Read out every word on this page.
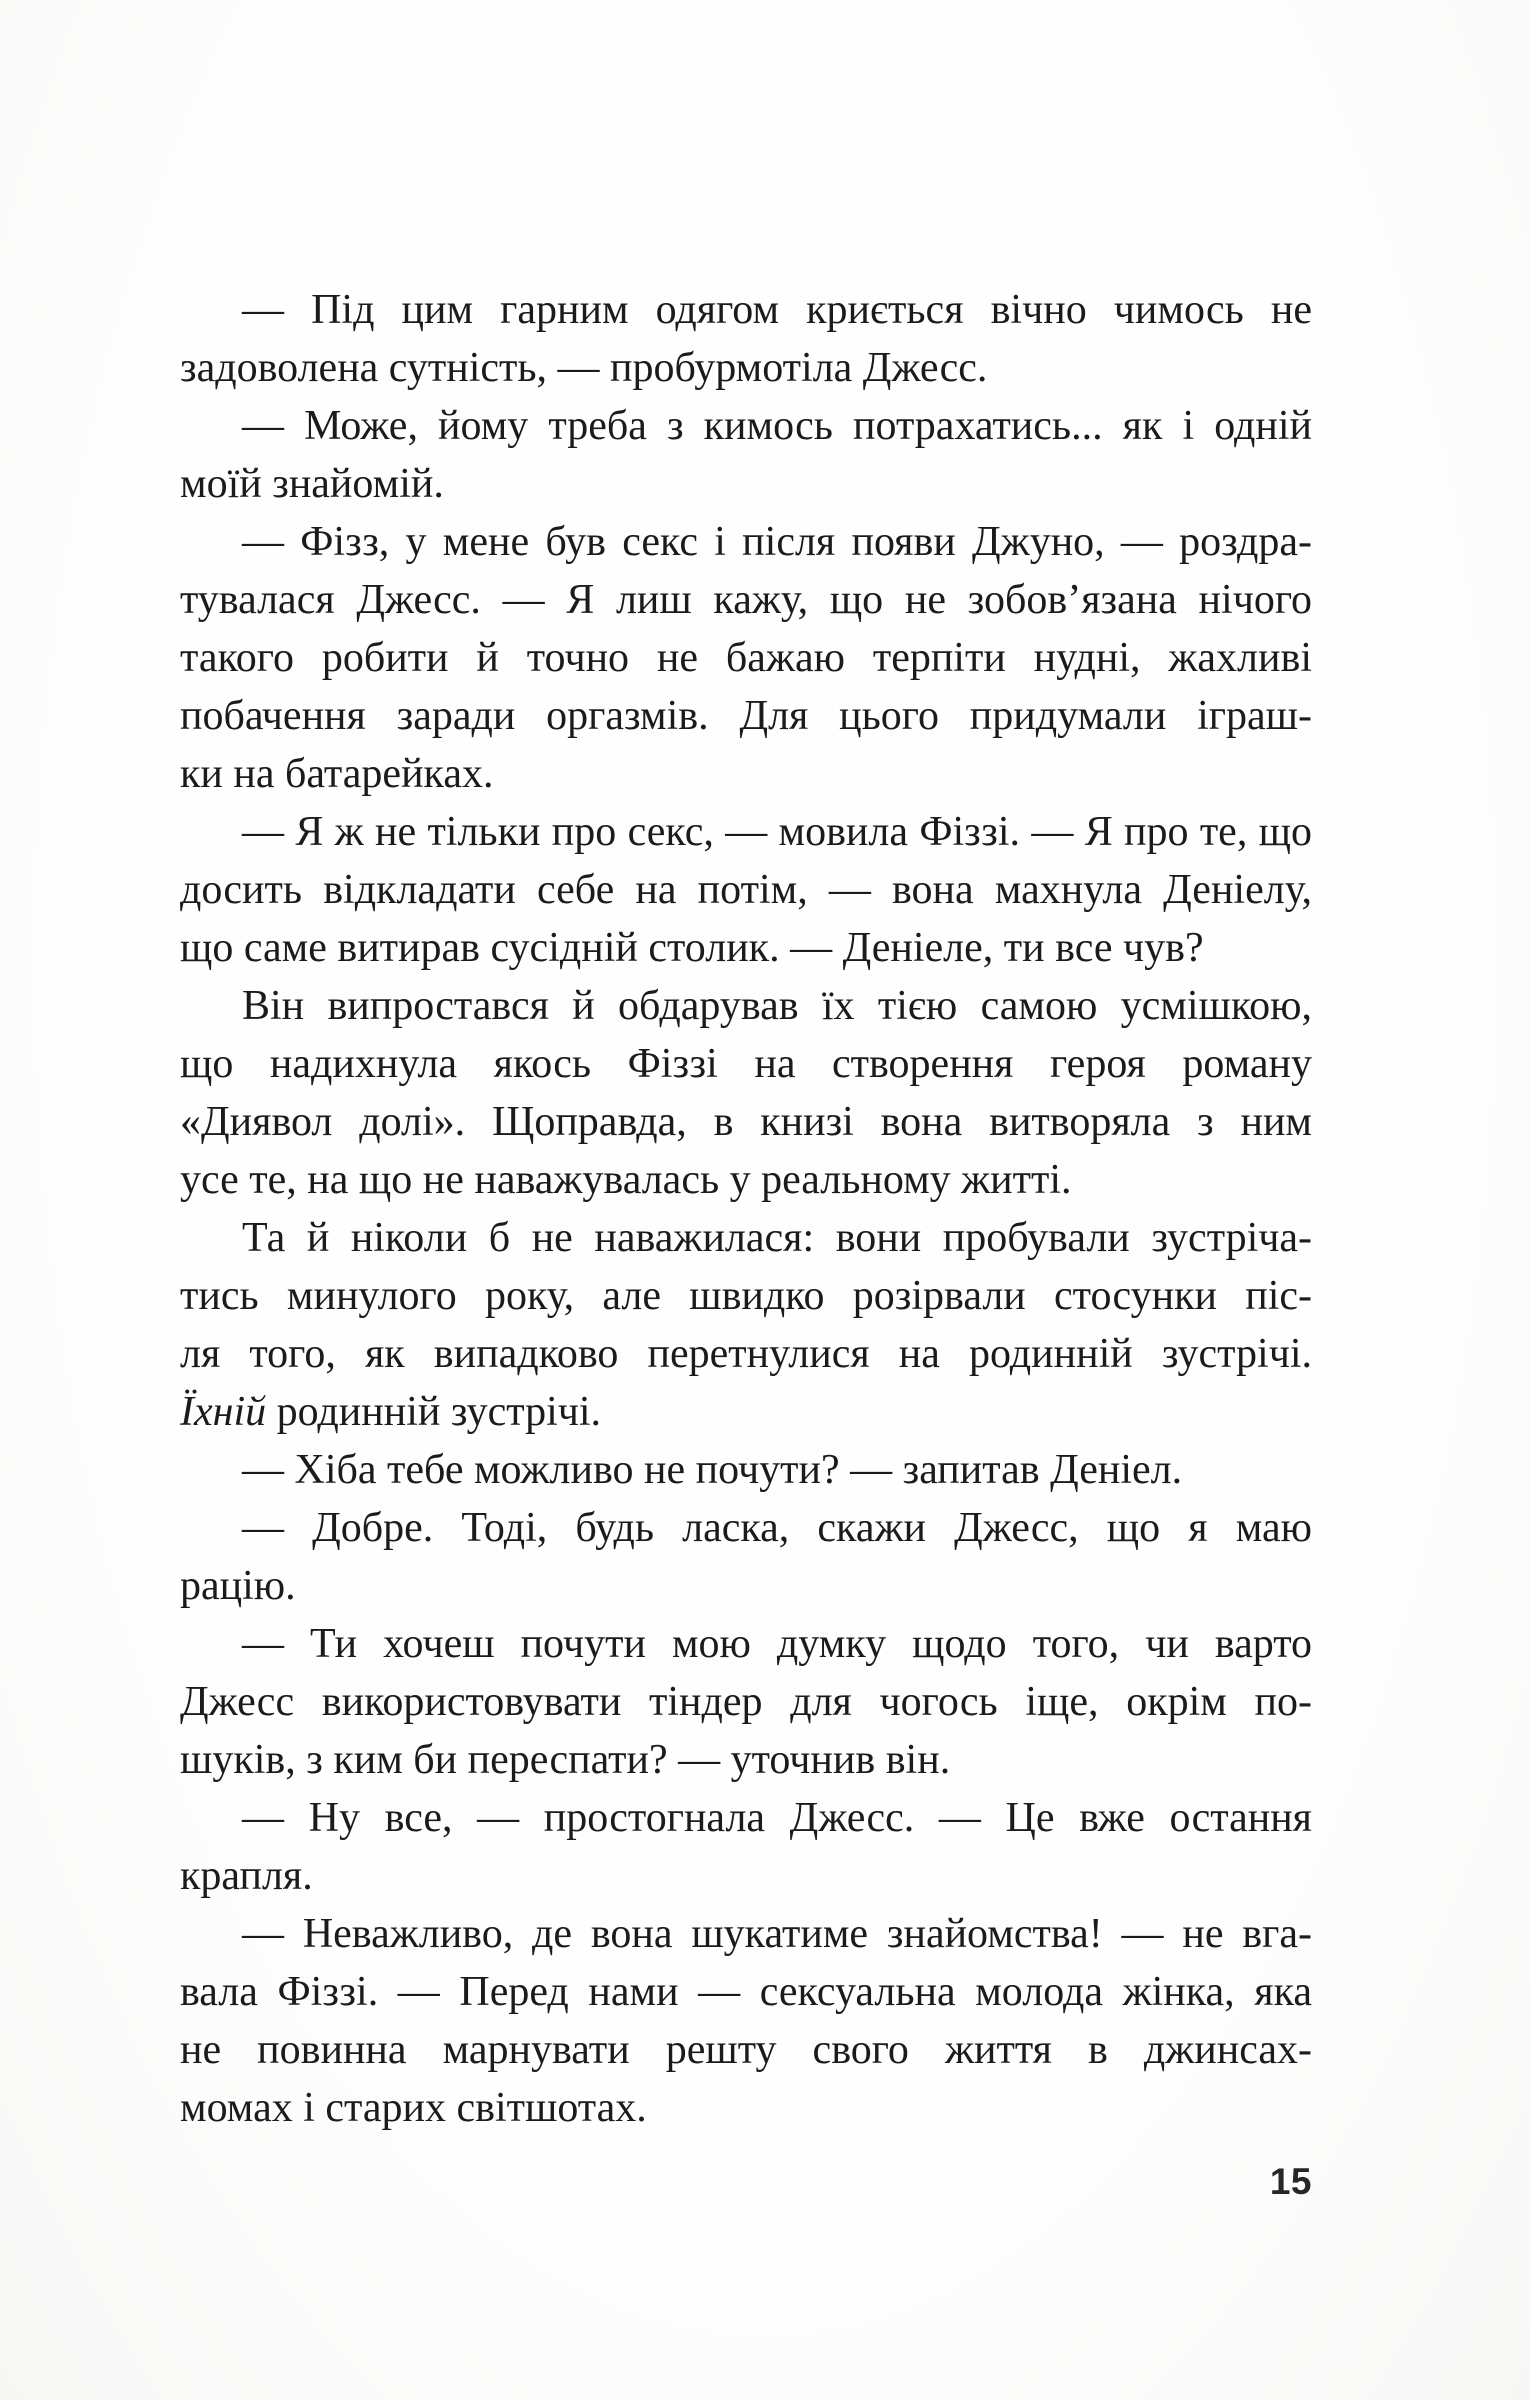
— Під цим гарним одягом криється вічно чимось не
задоволена сутність, — пробурмотіла Джесс.
— Може, йому треба з кимось потрахатись... як і одній
моїй знайомій.
— Фізз, у мене був секс і після появи Джуно, — роздра-
тувалася Джесс. — Я лиш кажу, що не зобов’язана нічого
такого робити й точно не бажаю терпіти нудні, жахливі
побачення заради оргазмів. Для цього придумали іграш-
ки на батарейках.
— Я ж не тільки про секс, — мовила Фіззі. — Я про те, що
досить відкладати себе на потім, — вона махнула Деніелу,
що саме витирав сусідній столик. — Деніеле, ти все чув?
Він випростався й обдарував їх тією самою усмішкою,
що надихнула якось Фіззі на створення героя роману
«Диявол долі». Щоправда, в книзі вона витворяла з ним
усе те, на що не наважувалась у реальному житті.
Та й ніколи б не наважилася: вони пробували зустріча-
тись минулого року, але швидко розірвали стосунки піс-
ля того, як випадково перетнулися на родинній зустрічі.
Їхній родинній зустрічі.
— Хіба тебе можливо не почути? — запитав Деніел.
— Добре. Тоді, будь ласка, скажи Джесс, що я маю
рацію.
— Ти хочеш почути мою думку щодо того, чи варто
Джесс використовувати тіндер для чогось іще, окрім по-
шуків, з ким би переспати? — уточнив він.
— Ну все, — простогнала Джесс. — Це вже остання
крапля.
— Неважливо, де вона шукатиме знайомства! — не вга-
вала Фіззі. — Перед нами — сексуальна молода жінка, яка
не повинна марнувати решту свого життя в джинсах-
момах і старих світшотах.
15
